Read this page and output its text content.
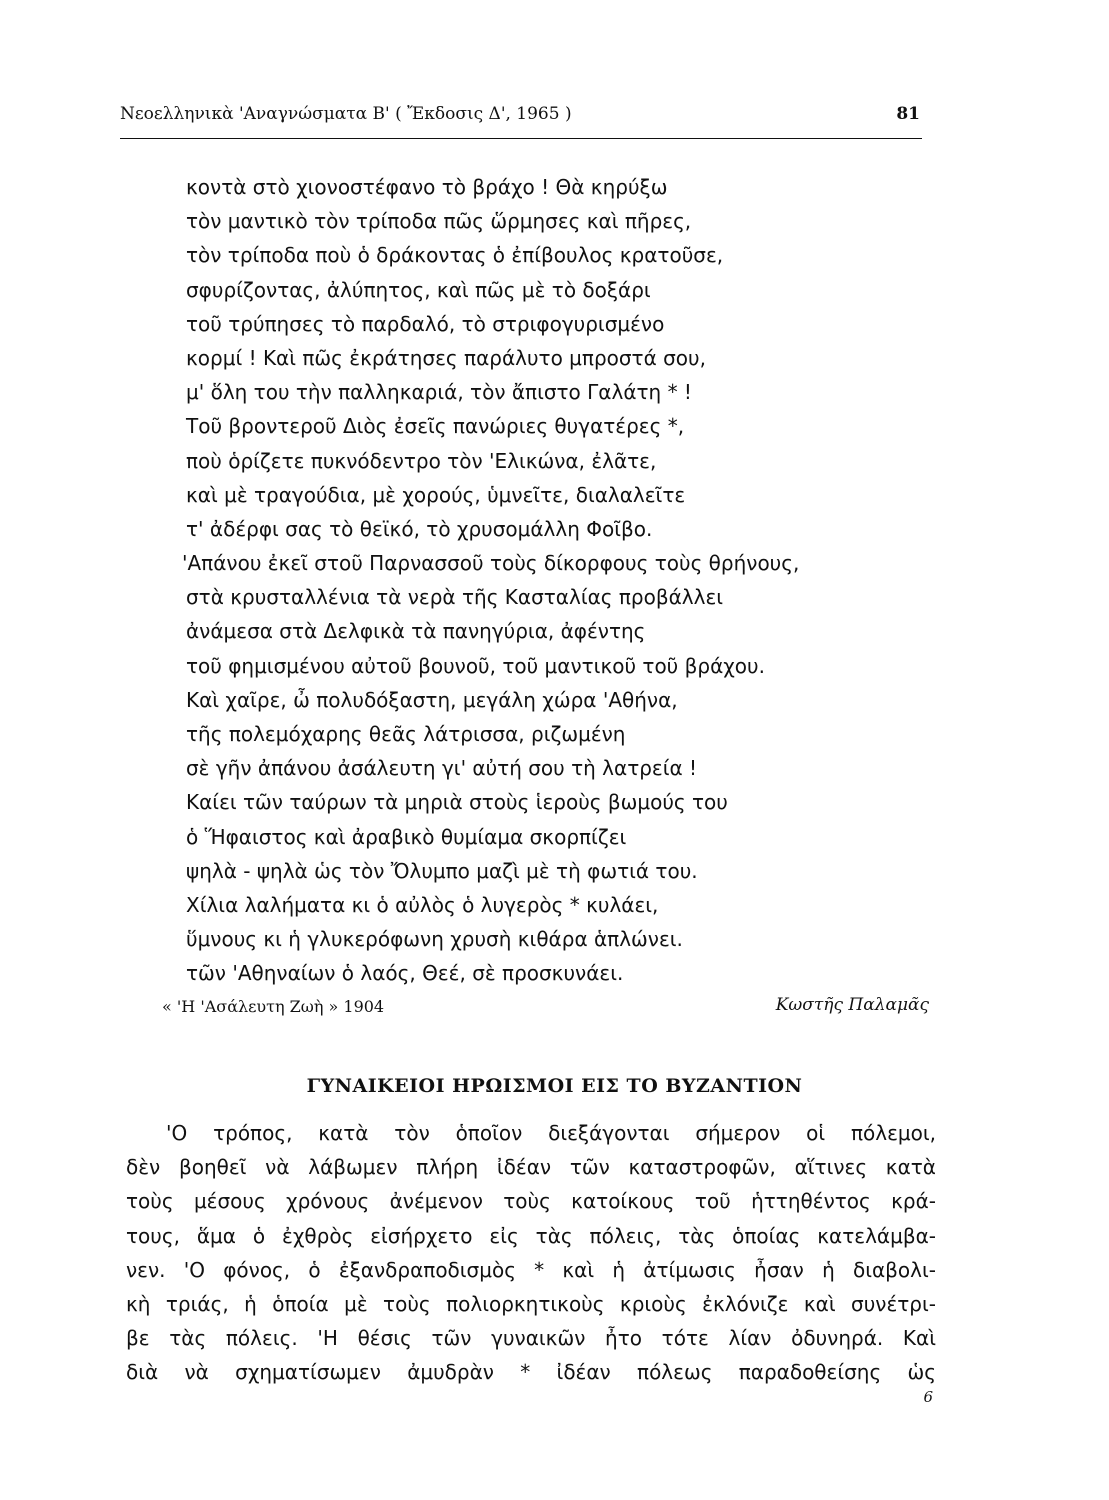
Νεοελληνικὰ 'Αναγνώσματα Β' ( Ἔκδοσις Δ', 1965 )	81
κοντὰ στὸ χιονοστέφανο τὸ βράχο ! Θὰ κηρύξω
τὸν μαντικὸ τὸν τρίποδα πῶς ὥρμησες καὶ πῆρες,
τὸν τρίποδα ποὺ ὁ δράκοντας ὁ ἐπίβουλος κρατοῦσε,
σφυρίζοντας, ἀλύπητος, καὶ πῶς μὲ τὸ δοξάρι
τοῦ τρύπησες τὸ παρδαλό, τὸ στριφογυρισμένο
κορμί ! Καὶ πῶς ἐκράτησες παράλυτο μπροστά σου,
μ' ὅλη του τὴν παλληκαριά, τὸν ἄπιστο Γαλάτη * !
Τοῦ βροντεροῦ Διὸς ἐσεῖς πανώριες θυγατέρες *,
ποὺ ὁρίζετε πυκνόδεντρο τὸν 'Ελικώνα, ἐλᾶτε,
καὶ μὲ τραγούδια, μὲ χορούς, ὑμνεῖτε, διαλαλεῖτε
τ' ἀδέρφι σας τὸ θεϊκό, τὸ χρυσομάλλη Φοῖβο.
'Απάνου ἐκεῖ στοῦ Παρνασσοῦ τοὺς δίκορφους τοὺς θρήνους,
στὰ κρυσταλλένια τὰ νερὰ τῆς Κασταλίας προβάλλει
ἀνάμεσα στὰ Δελφικὰ τὰ πανηγύρια, ἀφέντης
τοῦ φημισμένου αὐτοῦ βουνοῦ, τοῦ μαντικοῦ τοῦ βράχου.
Καὶ χαῖρε, ὦ πολυδόξαστη, μεγάλη χώρα 'Αθήνα,
τῆς πολεμόχαρης θεᾶς λάτρισσα, ριζωμένη
σὲ γῆν ἀπάνου ἀσάλευτη γι' αὐτή σου τὴ λατρεία !
Καίει τῶν ταύρων τὰ μηριὰ στοὺς ἱεροὺς βωμούς του
ὁ Ἥφαιστος καὶ ἀραβικὸ θυμίαμα σκορπίζει
ψηλὰ - ψηλὰ ὡς τὸν Ὄλυμπο μαζὶ μὲ τὴ φωτιά του.
Χίλια λαλήματα κι ὁ αὐλὸς ὁ λυγερὸς * κυλάει,
ὕμνους κι ἡ γλυκερόφωνη χρυσὴ κιθάρα ἁπλώνει.
τῶν 'Αθηναίων ὁ λαός, Θεέ, σὲ προσκυνάει.
« 'Η 'Ασάλευτη Ζωὴ » 1904	Κωστῆς Παλαμᾶς
ΓΥΝΑΙΚΕΙΟΙ ΗΡΩΙΣΜΟΙ ΕΙΣ ΤΟ ΒΥΖΑΝΤΙΟΝ
'Ο τρόπος, κατὰ τὸν ὁποῖον διεξάγονται σήμερον οἱ πόλεμοι,
δὲν βοηθεῖ νὰ λάβωμεν πλήρη ἰδέαν τῶν καταστροφῶν, αἵτινες κατὰ
τοὺς μέσους χρόνους ἀνέμενον τοὺς κατοίκους τοῦ ἡττηθέντος κρά-
τους, ἅμα ὁ ἐχθρὸς εἰσήρχετο εἰς τὰς πόλεις, τὰς ὁποίας κατελάμβα-
νεν. 'Ο φόνος, ὁ ἐξανδραποδισμὸς * καὶ ἡ ἀτίμωσις ἦσαν ἡ διαβολι-
κὴ τριάς, ἡ ὁποία μὲ τοὺς πολιορκητικοὺς κριοὺς ἐκλόνιζε καὶ συνέτρι-
βε τὰς πόλεις. 'Η θέσις τῶν γυναικῶν ἦτο τότε λίαν ὀδυνηρά. Καὶ
διὰ νὰ σχηματίσωμεν ἀμυδρὰν * ἰδέαν πόλεως παραδοθείσης ὡς
6
